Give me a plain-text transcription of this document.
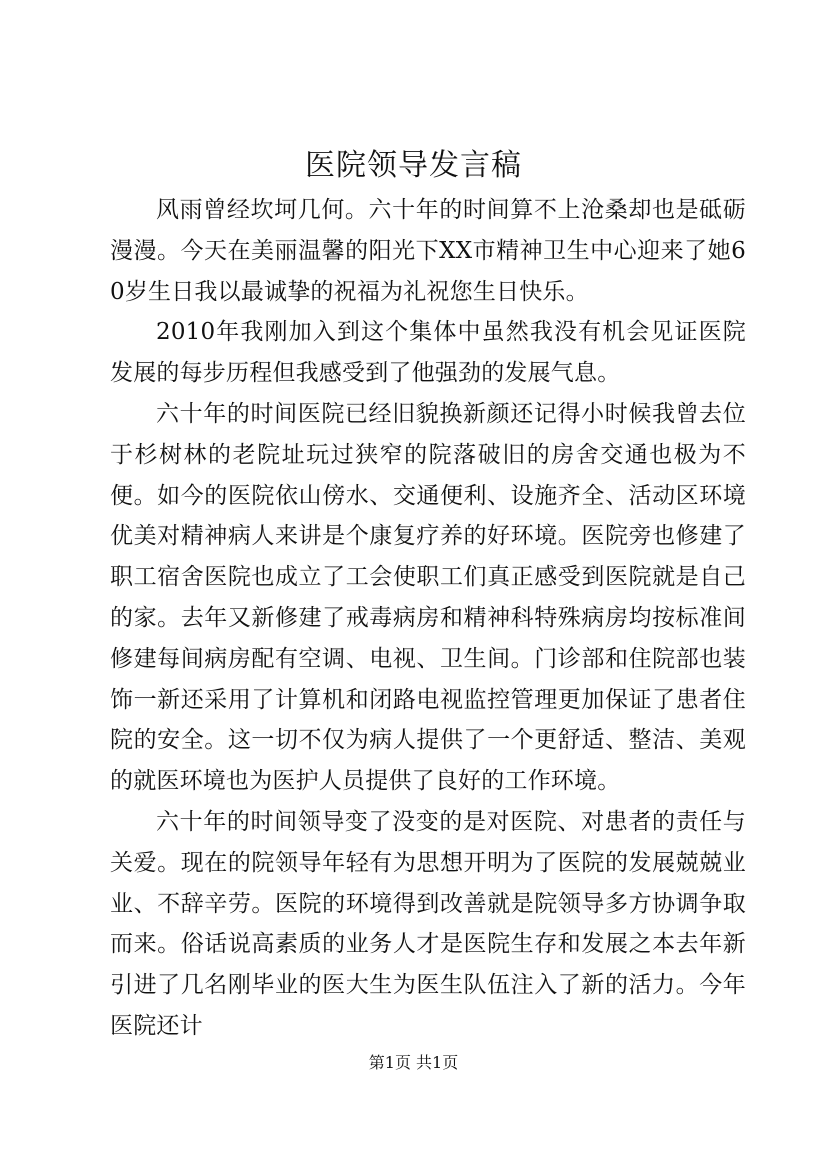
医院领导发言稿

风雨曾经坎坷几何。六十年的时间算不上沧桑却也是砥砺漫漫。今天在美丽温馨的阳光下XX市精神卫生中心迎来了她60岁生日我以最诚挚的祝福为礼祝您生日快乐。

2010年我刚加入到这个集体中虽然我没有机会见证医院发展的每步历程但我感受到了他强劲的发展气息。

六十年的时间医院已经旧貌换新颜还记得小时候我曾去位于杉树林的老院址玩过狭窄的院落破旧的房舍交通也极为不便。如今的医院依山傍水、交通便利、设施齐全、活动区环境优美对精神病人来讲是个康复疗养的好环境。医院旁也修建了职工宿舍医院也成立了工会使职工们真正感受到医院就是自己的家。去年又新修建了戒毒病房和精神科特殊病房均按标准间修建每间病房配有空调、电视、卫生间。门诊部和住院部也装饰一新还采用了计算机和闭路电视监控管理更加保证了患者住院的安全。这一切不仅为病人提供了一个更舒适、整洁、美观的就医环境也为医护人员提供了良好的工作环境。

六十年的时间领导变了没变的是对医院、对患者的责任与关爱。现在的院领导年轻有为思想开明为了医院的发展兢兢业业、不辞辛劳。医院的环境得到改善就是院领导多方协调争取而来。俗话说高素质的业务人才是医院生存和发展之本去年新引进了几名刚毕业的医大生为医生队伍注入了新的活力。今年医院还计

第1页 共1页
